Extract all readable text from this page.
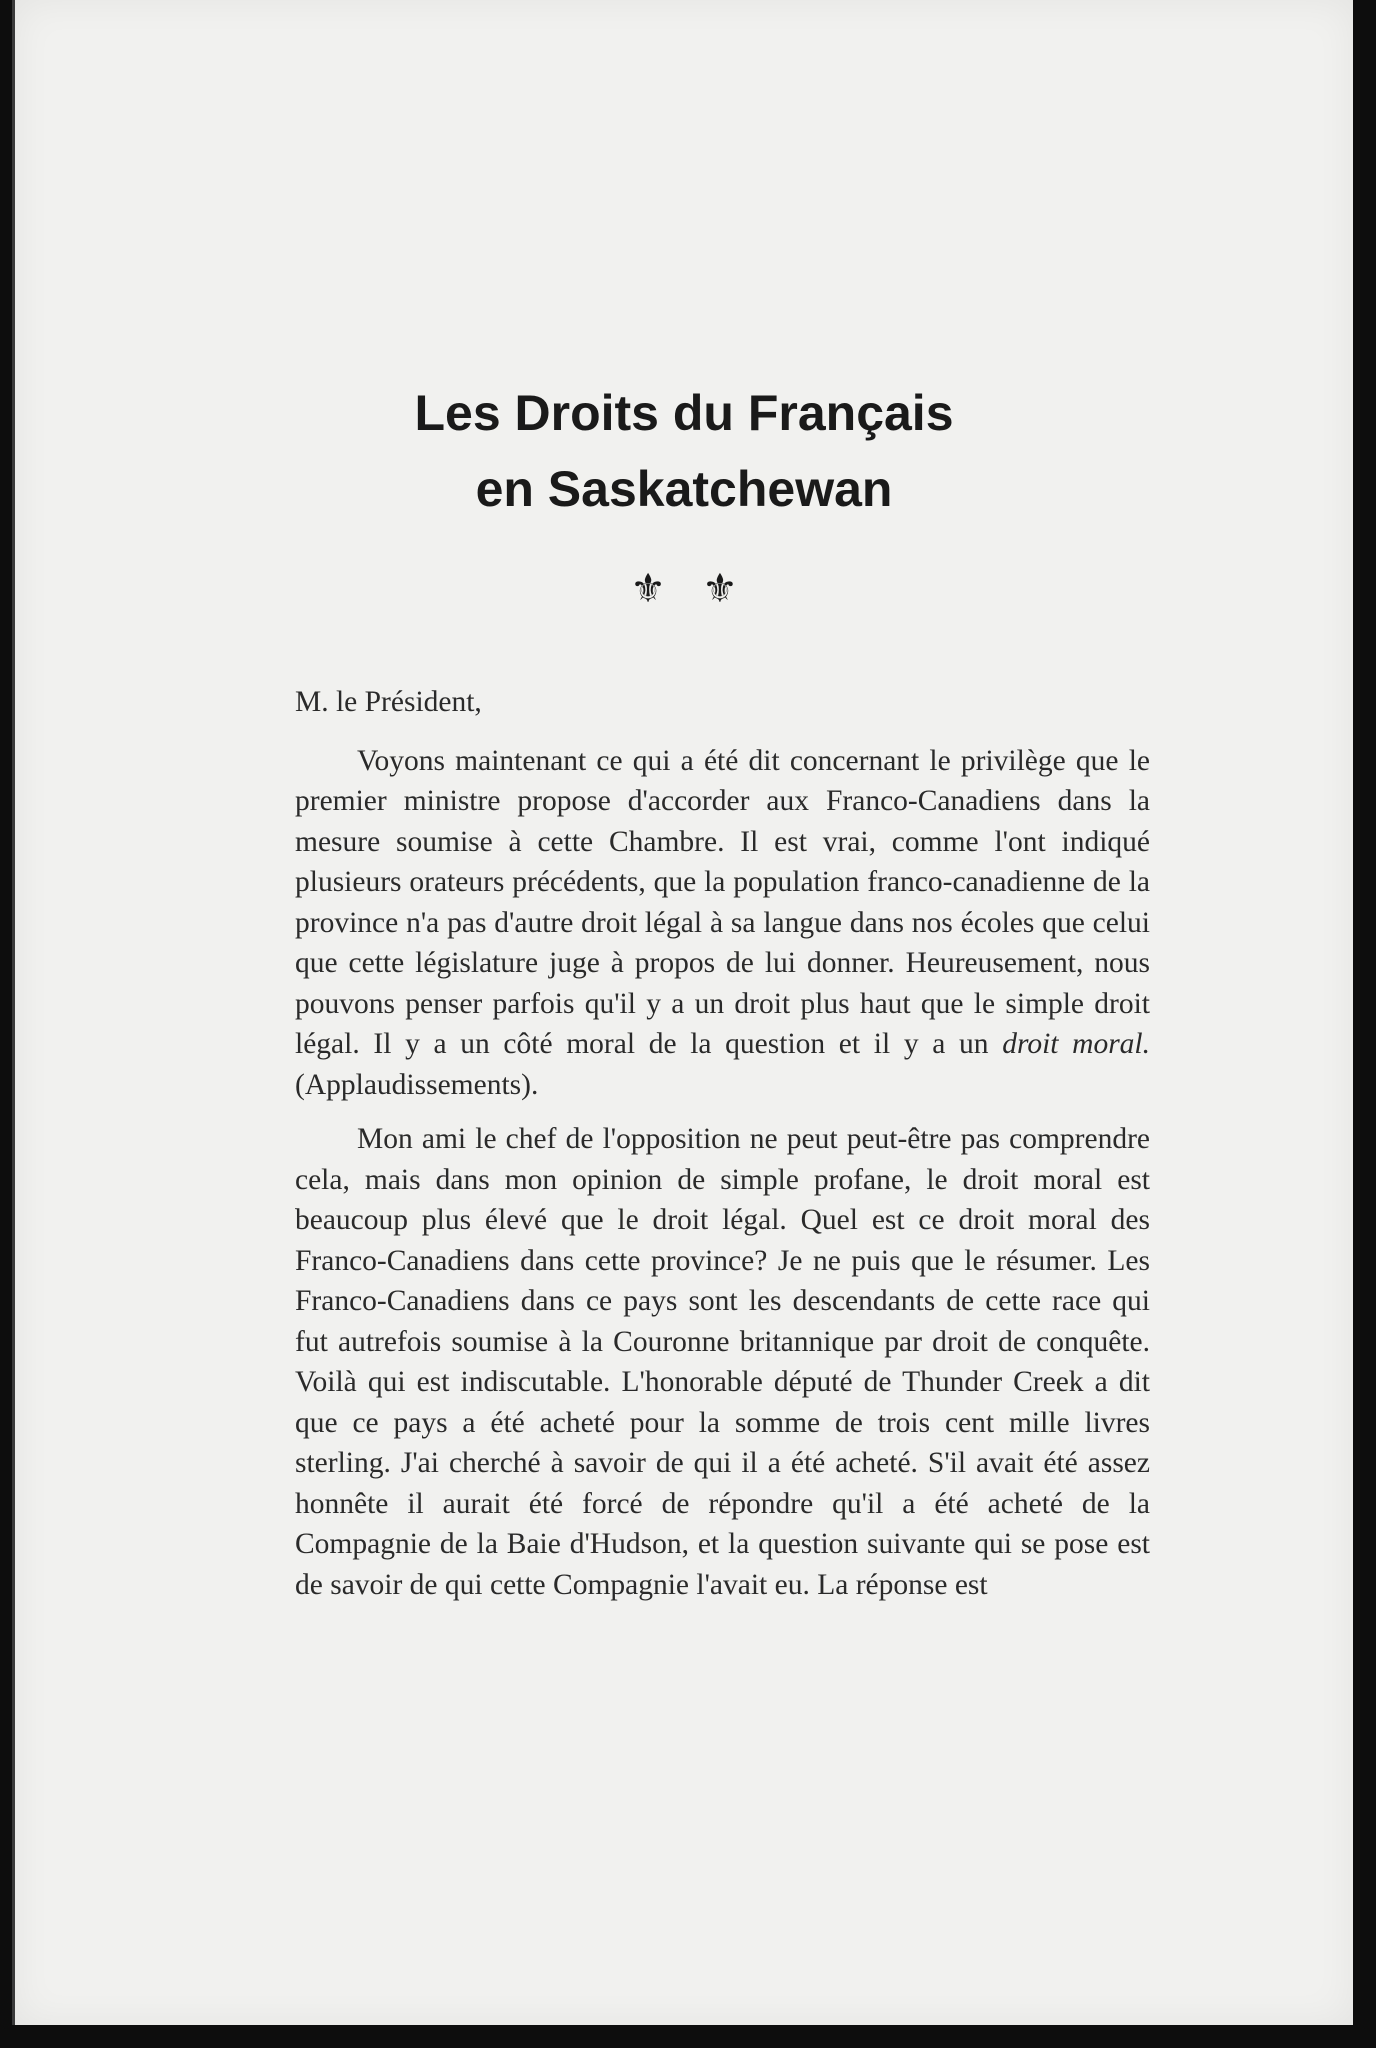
Les Droits du Français
en Saskatchewan
⚜⚜

M. le Président,

Voyons maintenant ce qui a été dit concernant le privilège que le premier ministre propose d'accorder aux Franco-Canadiens dans la mesure soumise à cette Chambre. Il est vrai, comme l'ont indiqué plusieurs orateurs précédents, que la population franco-canadienne de la province n'a pas d'autre droit légal à sa langue dans nos écoles que celui que cette législature juge à propos de lui donner. Heureusement, nous pouvons penser parfois qu'il y a un droit plus haut que le simple droit légal. Il y a un côté moral de la question et il y a un droit moral. (Applaudissements).

Mon ami le chef de l'opposition ne peut peut-être pas comprendre cela, mais dans mon opinion de simple profane, le droit moral est beaucoup plus élevé que le droit légal. Quel est ce droit moral des Franco-Canadiens dans cette province? Je ne puis que le résumer. Les Franco-Canadiens dans ce pays sont les descendants de cette race qui fut autrefois soumise à la Couronne britannique par droit de conquête. Voilà qui est indiscutable. L'honorable député de Thunder Creek a dit que ce pays a été acheté pour la somme de trois cent mille livres sterling. J'ai cherché à savoir de qui il a été acheté. S'il avait été assez honnête il aurait été forcé de répondre qu'il a été acheté de la Compagnie de la Baie d'Hudson, et la question suivante qui se pose est de savoir de qui cette Compagnie l'avait eu. La réponse est
